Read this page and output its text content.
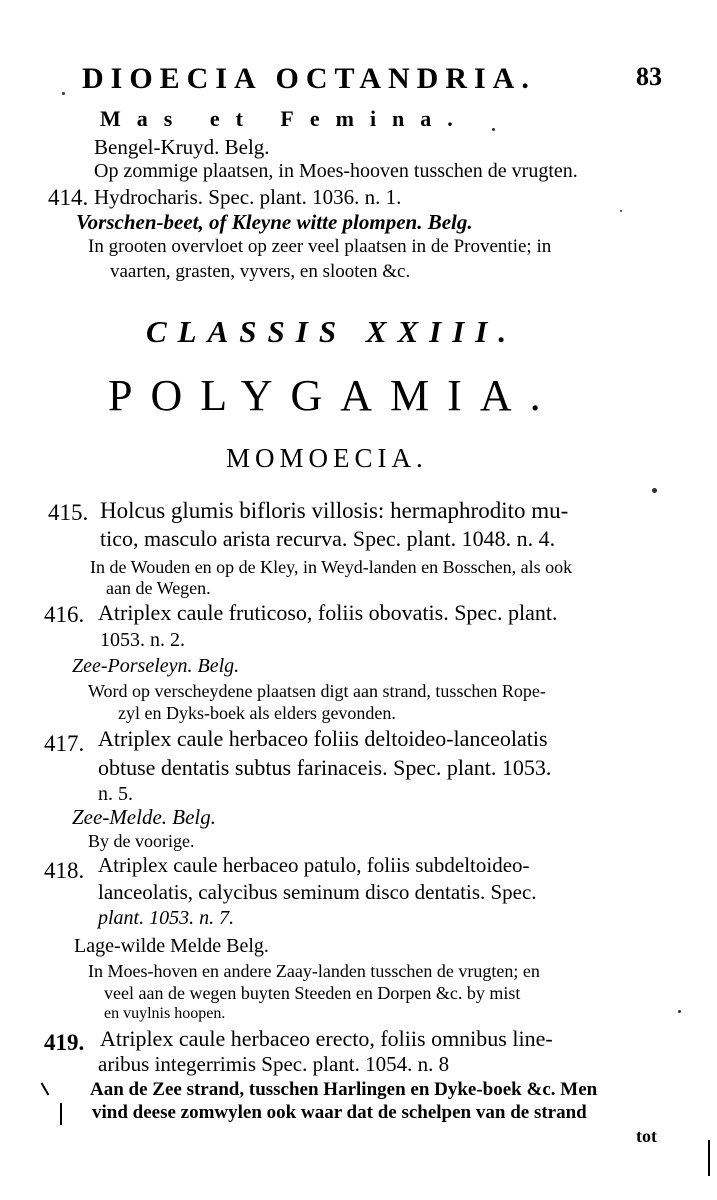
DIOECIA OCTANDRIA.	83
Mas et Femina.
Bengel-Kruyd. Belg.
Op zommige plaatsen, in Moes-hooven tusschen de vrugten.
414. Hydrocharis. Spec. plant. 1036. n. 1.
Vorschen-beet, of Kleyne witte plompen. Belg.
In grooten overvloet op zeer veel plaatsen in de Proventie; in
vaarten, grasten, vyvers, en slooten &c.
CLASSIS XXIII.
POLYGAMIA.
MOMOECIA.
415. Holcus glumis bifloris villosis: hermaphrodito mu-
tico, masculo arista recurva. Spec. plant. 1048. n. 4.
In de Wouden en op de Kley, in Weyd-landen en Bosschen, als ook
aan de Wegen.
416. Atriplex caule fruticoso, foliis obovatis. Spec. plant.
1053. n. 2.
Zee-Porseleyn. Belg.
Word op verscheydene plaatsen digt aan strand, tusschen Rope-
zyl en Dyks-boek als elders gevonden.
417. Atriplex caule herbaceo foliis deltoideo-lanceolatis
obtuse dentatis subtus farinaceis. Spec. plant. 1053.
n. 5.
Zee-Melde. Belg.
By de voorige.
418. Atriplex caule herbaceo patulo, foliis subdeltoideo-
lanceolatis, calycibus seminum disco dentatis. Spec.
plant. 1053. n. 7.
Lage-wilde Melde Belg.
In Moes-hoven en andere Zaay-landen tusschen de vrugten; en
veel aan de wegen buyten Steeden en Dorpen &c. by mist
en vuylnis hoopen.
419. Atriplex caule herbaceo erecto, foliis omnibus line-
aribus integerrimis Spec. plant. 1054. n. 8
Aan de Zee strand, tusschen Harlingen en Dyke-boek &c. Men
vind deese zomwylen ook waar dat de schelpen van de strand
tot
